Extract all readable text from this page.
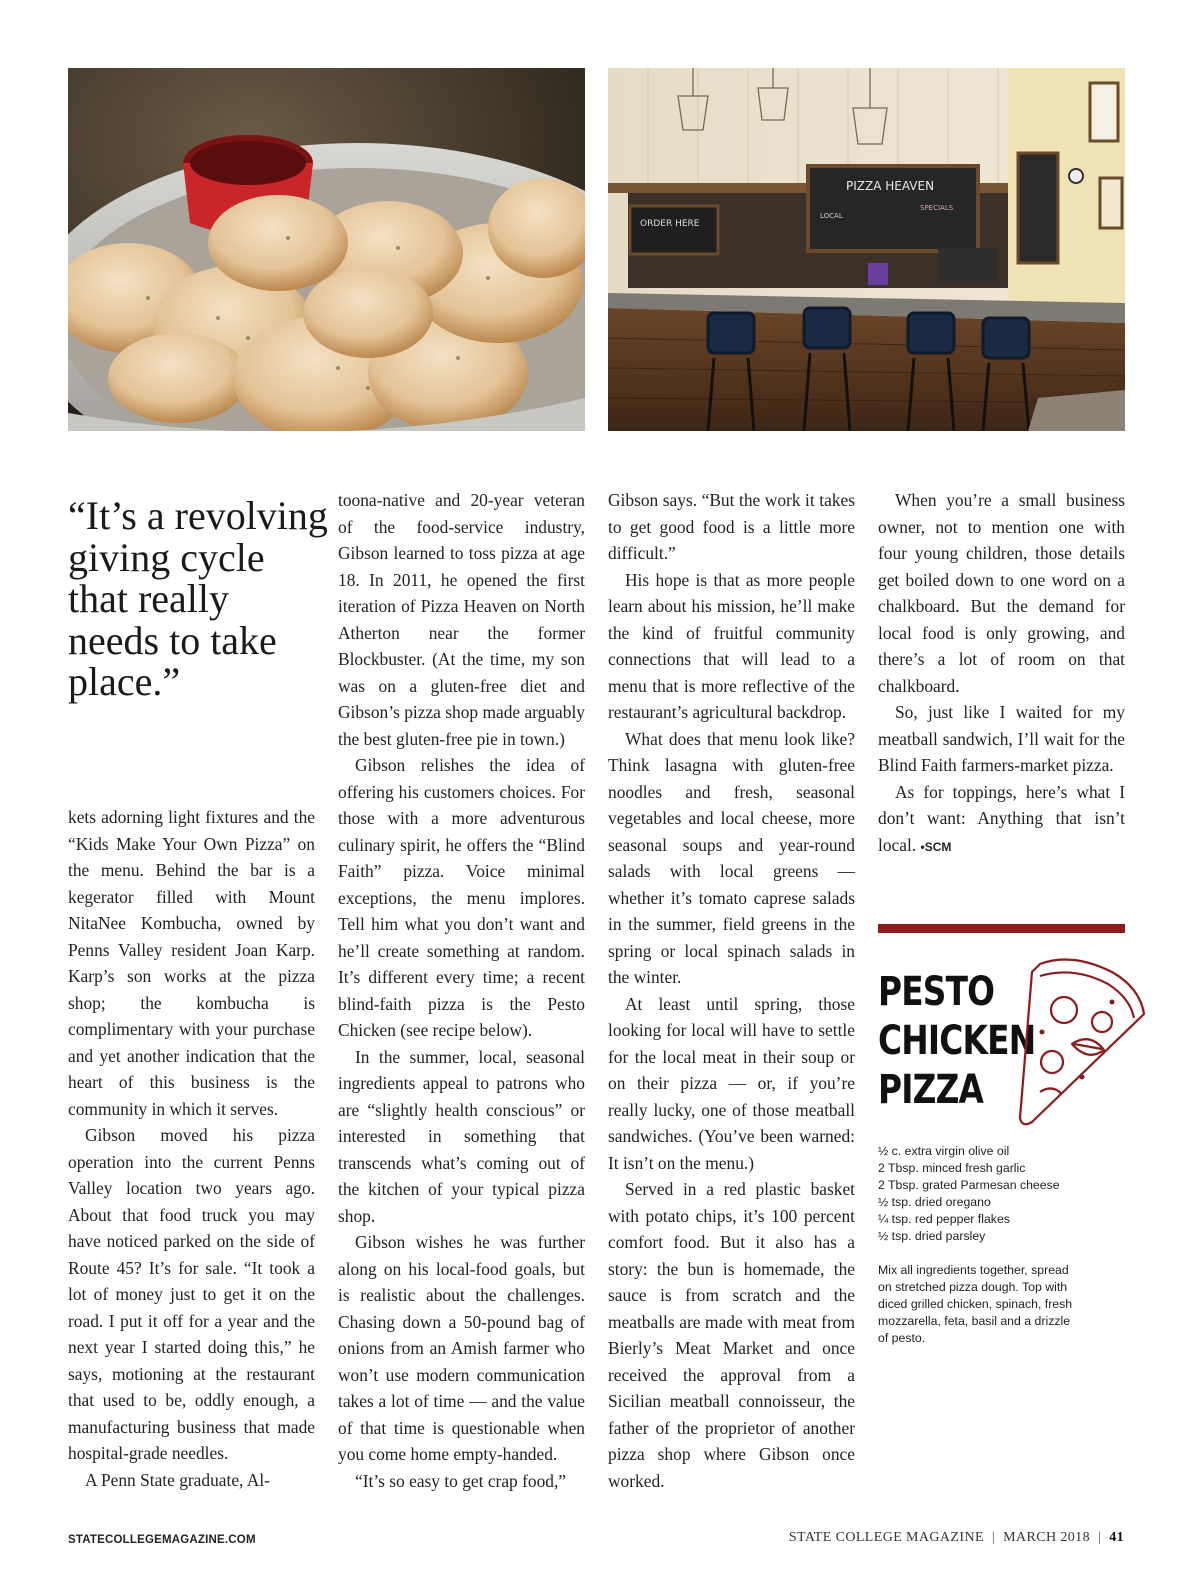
ORDER HERE
PIZZA HEAVEN
LOCAL
SPECIALS
“It’s a revolving giving cycle that really needs to take place.”

kets adorning light fixtures and the “Kids Make Your Own Pizza” on the menu. Behind the bar is a kegerator filled with Mount NitaNee Kombucha, owned by Penns Valley resident Joan Karp. Karp’s son works at the pizza shop; the kombucha is complimentary with your purchase and yet another indication that the heart of this business is the community in which it serves.

Gibson moved his pizza operation into the current Penns Valley location two years ago. About that food truck you may have noticed parked on the side of Route 45? It’s for sale. “It took a lot of money just to get it on the road. I put it off for a year and the next year I started doing this,” he says, motioning at the restaurant that used to be, oddly enough, a manufacturing business that made hospital-grade needles.

A Penn State graduate, Al-

toona-native and 20-year veteran of the food-service industry, Gibson learned to toss pizza at age 18. In 2011, he opened the first iteration of Pizza Heaven on North Atherton near the former Blockbuster. (At the time, my son was on a gluten-free diet and Gibson’s pizza shop made arguably the best gluten-free pie in town.)

Gibson relishes the idea of offering his customers choices. For those with a more adventurous culinary spirit, he offers the “Blind Faith” pizza. Voice minimal exceptions, the menu implores. Tell him what you don’t want and he’ll create something at random. It’s different every time; a recent blind-faith pizza is the Pesto Chicken (see recipe below).

In the summer, local, seasonal ingredients appeal to patrons who are “slightly health conscious” or interested in something that transcends what’s coming out of the kitchen of your typical pizza shop.

Gibson wishes he was further along on his local-food goals, but is realistic about the challenges. Chasing down a 50-pound bag of onions from an Amish farmer who won’t use modern communication takes a lot of time — and the value of that time is questionable when you come home empty-handed.

“It’s so easy to get crap food,”

Gibson says. “But the work it takes to get good food is a little more difficult.”

His hope is that as more people learn about his mission, he’ll make the kind of fruitful community connections that will lead to a menu that is more reflective of the restaurant’s agricultural backdrop.

What does that menu look like? Think lasagna with gluten-free noodles and fresh, seasonal vegetables and local cheese, more seasonal soups and year-round salads with local greens — whether it’s tomato caprese salads in the summer, field greens in the spring or local spinach salads in the winter.

At least until spring, those looking for local will have to settle for the local meat in their soup or on their pizza — or, if you’re really lucky, one of those meatball sandwiches. (You’ve been warned: It isn’t on the menu.)

Served in a red plastic basket with potato chips, it’s 100 percent comfort food. But it also has a story: the bun is homemade, the sauce is from scratch and the meatballs are made with meat from Bierly’s Meat Market and once received the approval from a Sicilian meatball connoisseur, the father of the proprietor of another pizza shop where Gibson once worked.

When you’re a small business owner, not to mention one with four young children, those details get boiled down to one word on a chalkboard. But the demand for local food is only growing, and there’s a lot of room on that chalkboard.

So, just like I waited for my meatball sandwich, I’ll wait for the Blind Faith farmers-market pizza.

As for toppings, here’s what I don’t want: Anything that isn’t local. •SCM

PESTO
CHICKEN
PIZZA
½ c. extra virgin olive oil
2 Tbsp. minced fresh garlic
2 Tbsp. grated Parmesan cheese
½ tsp. dried oregano
¼ tsp. red pepper flakes
½ tsp. dried parsley
Mix all ingredients together, spread on stretched pizza dough. Top with diced grilled chicken, spinach, fresh mozzarella, feta, basil and a drizzle of pesto.
STATECOLLEGEMAGAZINE.COM	STATE COLLEGE MAGAZINE | MARCH 2018 | 41
